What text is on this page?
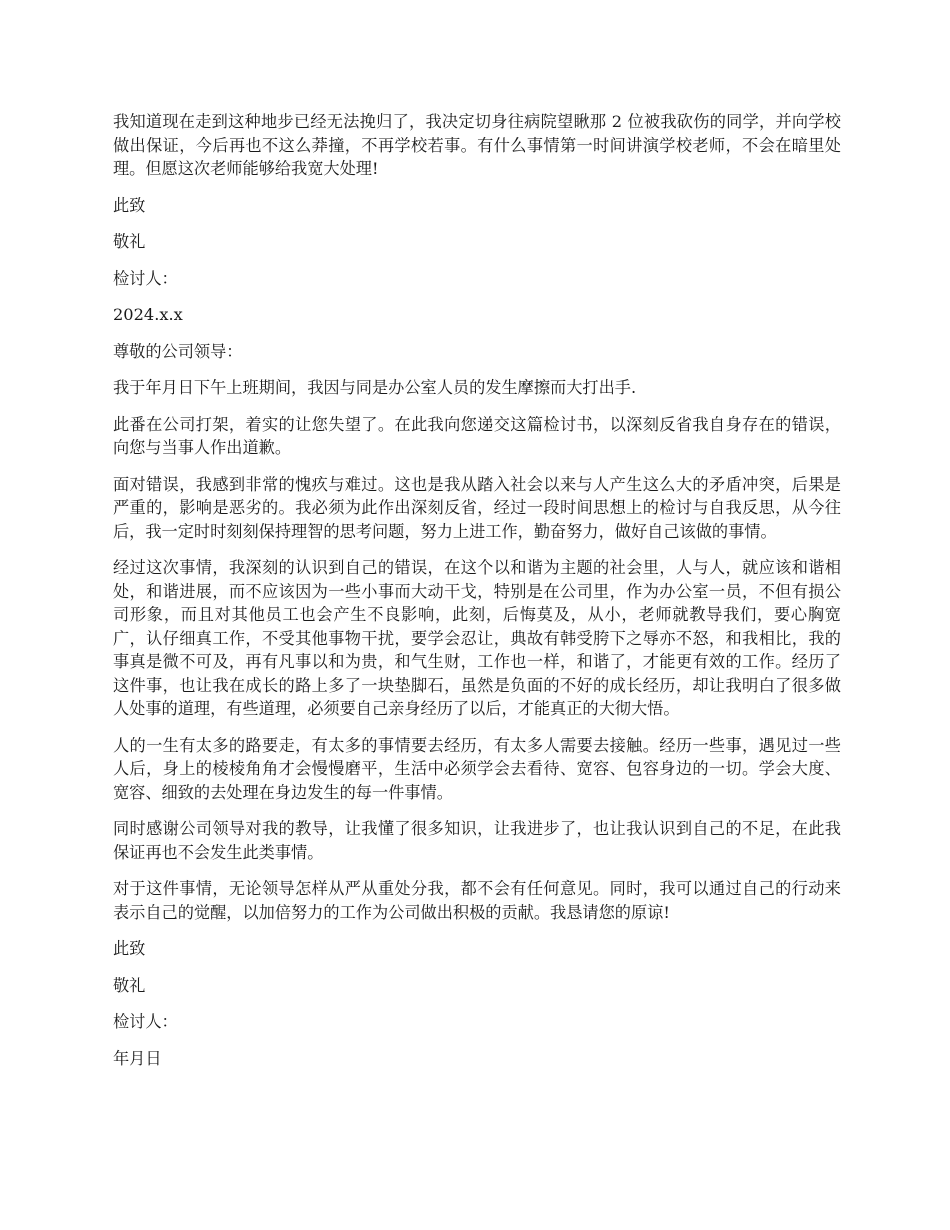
我知道现在走到这种地步已经无法挽归了，我决定切身往病院望瞅那 2 位被我砍伤的同学，并向学校做出保证，今后再也不这么莽撞，不再学校若事。有什么事情第一时间讲演学校老师，不会在暗里处理。但愿这次老师能够给我宽大处理!

此致

敬礼

检讨人：

2024.x.x

尊敬的公司领导：

我于年月日下午上班期间，我因与同是办公室人员的发生摩擦而大打出手.

此番在公司打架，着实的让您失望了。在此我向您递交这篇检讨书，以深刻反省我自身存在的错误，向您与当事人作出道歉。

面对错误，我感到非常的愧疚与难过。这也是我从踏入社会以来与人产生这么大的矛盾冲突，后果是严重的，影响是恶劣的。我必须为此作出深刻反省，经过一段时间思想上的检讨与自我反思，从今往后，我一定时时刻刻保持理智的思考问题，努力上进工作，勤奋努力，做好自己该做的事情。

经过这次事情，我深刻的认识到自己的错误，在这个以和谐为主题的社会里，人与人，就应该和谐相处，和谐进展，而不应该因为一些小事而大动干戈，特别是在公司里，作为办公室一员，不但有损公司形象，而且对其他员工也会产生不良影响，此刻，后悔莫及，从小，老师就教导我们，要心胸宽广，认仔细真工作，不受其他事物干扰，要学会忍让，典故有韩受胯下之辱亦不怒，和我相比，我的事真是微不可及，再有凡事以和为贵，和气生财，工作也一样，和谐了，才能更有效的工作。经历了这件事，也让我在成长的路上多了一块垫脚石，虽然是负面的不好的成长经历，却让我明白了很多做人处事的道理，有些道理，必须要自己亲身经历了以后，才能真正的大彻大悟。

人的一生有太多的路要走，有太多的事情要去经历，有太多人需要去接触。经历一些事，遇见过一些人后，身上的棱棱角角才会慢慢磨平，生活中必须学会去看待、宽容、包容身边的一切。学会大度、宽容、细致的去处理在身边发生的每一件事情。

同时感谢公司领导对我的教导，让我懂了很多知识，让我进步了，也让我认识到自己的不足，在此我保证再也不会发生此类事情。

对于这件事情，无论领导怎样从严从重处分我，都不会有任何意见。同时，我可以通过自己的行动来表示自己的觉醒，以加倍努力的工作为公司做出积极的贡献。我恳请您的原谅!

此致

敬礼

检讨人：

年月日
